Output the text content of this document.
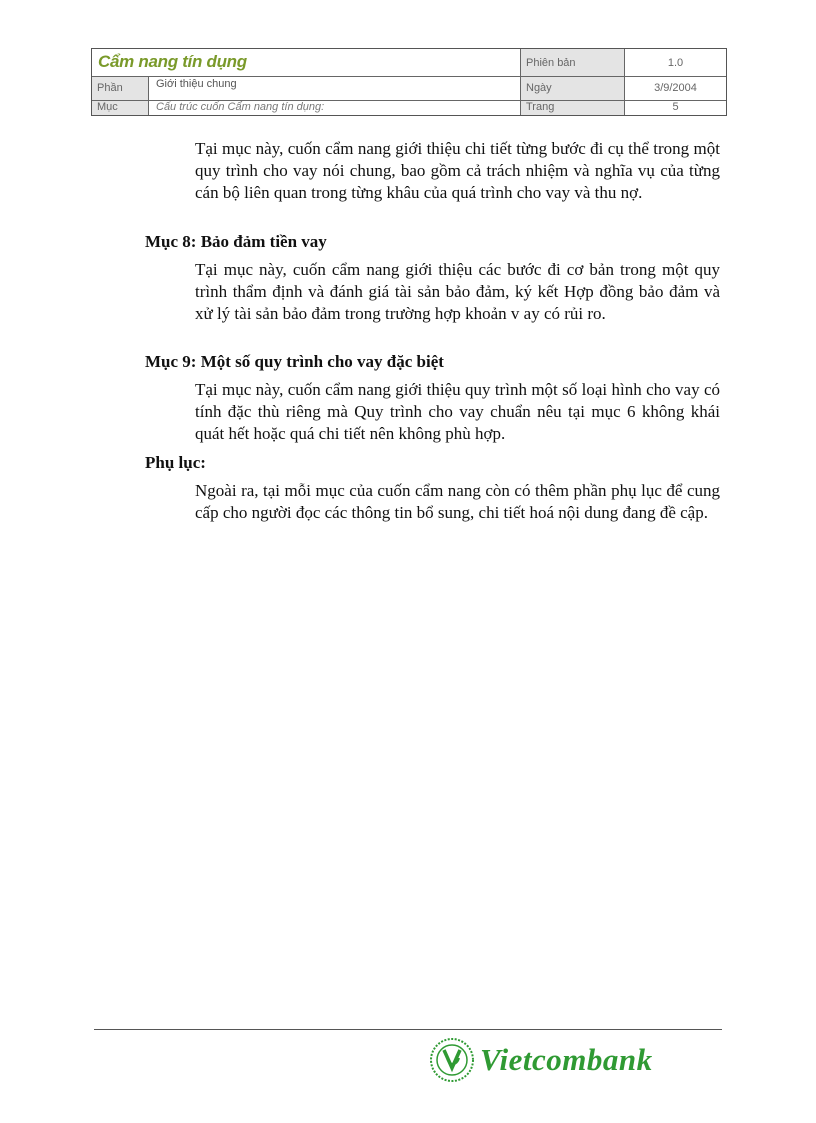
Cẩm nang tín dụng	Phiên bản	1.0
Phần	Giới thiệu chung	Ngày	3/9/2004
Mục	Cấu trúc cuốn Cẩm nang tín dụng:	Trang	5
Tại mục này, cuốn cẩm nang giới thiệu chi tiết từng bước đi cụ thể trong một quy trình cho vay nói chung, bao gồm cả trách nhiệm và nghĩa vụ của từng cán bộ liên quan trong từng khâu của quá trình cho vay và thu nợ.
Mục 8: Bảo đảm tiền vay
Tại mục này, cuốn cẩm nang giới thiệu các bước đi cơ bản trong một quy trình thẩm định và đánh giá tài sản bảo đảm, ký kết Hợp đồng bảo đảm và xử lý tài sản bảo đảm trong trường hợp khoản v ay có rủi ro.
Mục 9: Một số quy trình cho vay đặc biệt
Tại mục này, cuốn cẩm nang giới thiệu quy trình một số loại hình cho vay có tính đặc thù riêng mà Quy trình cho vay chuẩn nêu tại mục 6 không khái quát hết hoặc quá chi tiết nên không phù hợp.
Phụ lục:
Ngoài ra, tại mỗi mục của cuốn cẩm nang còn có thêm phần phụ lục để cung cấp cho người đọc các thông tin bổ sung, chi tiết hoá nội dung đang đề cập.
Vietcombank
